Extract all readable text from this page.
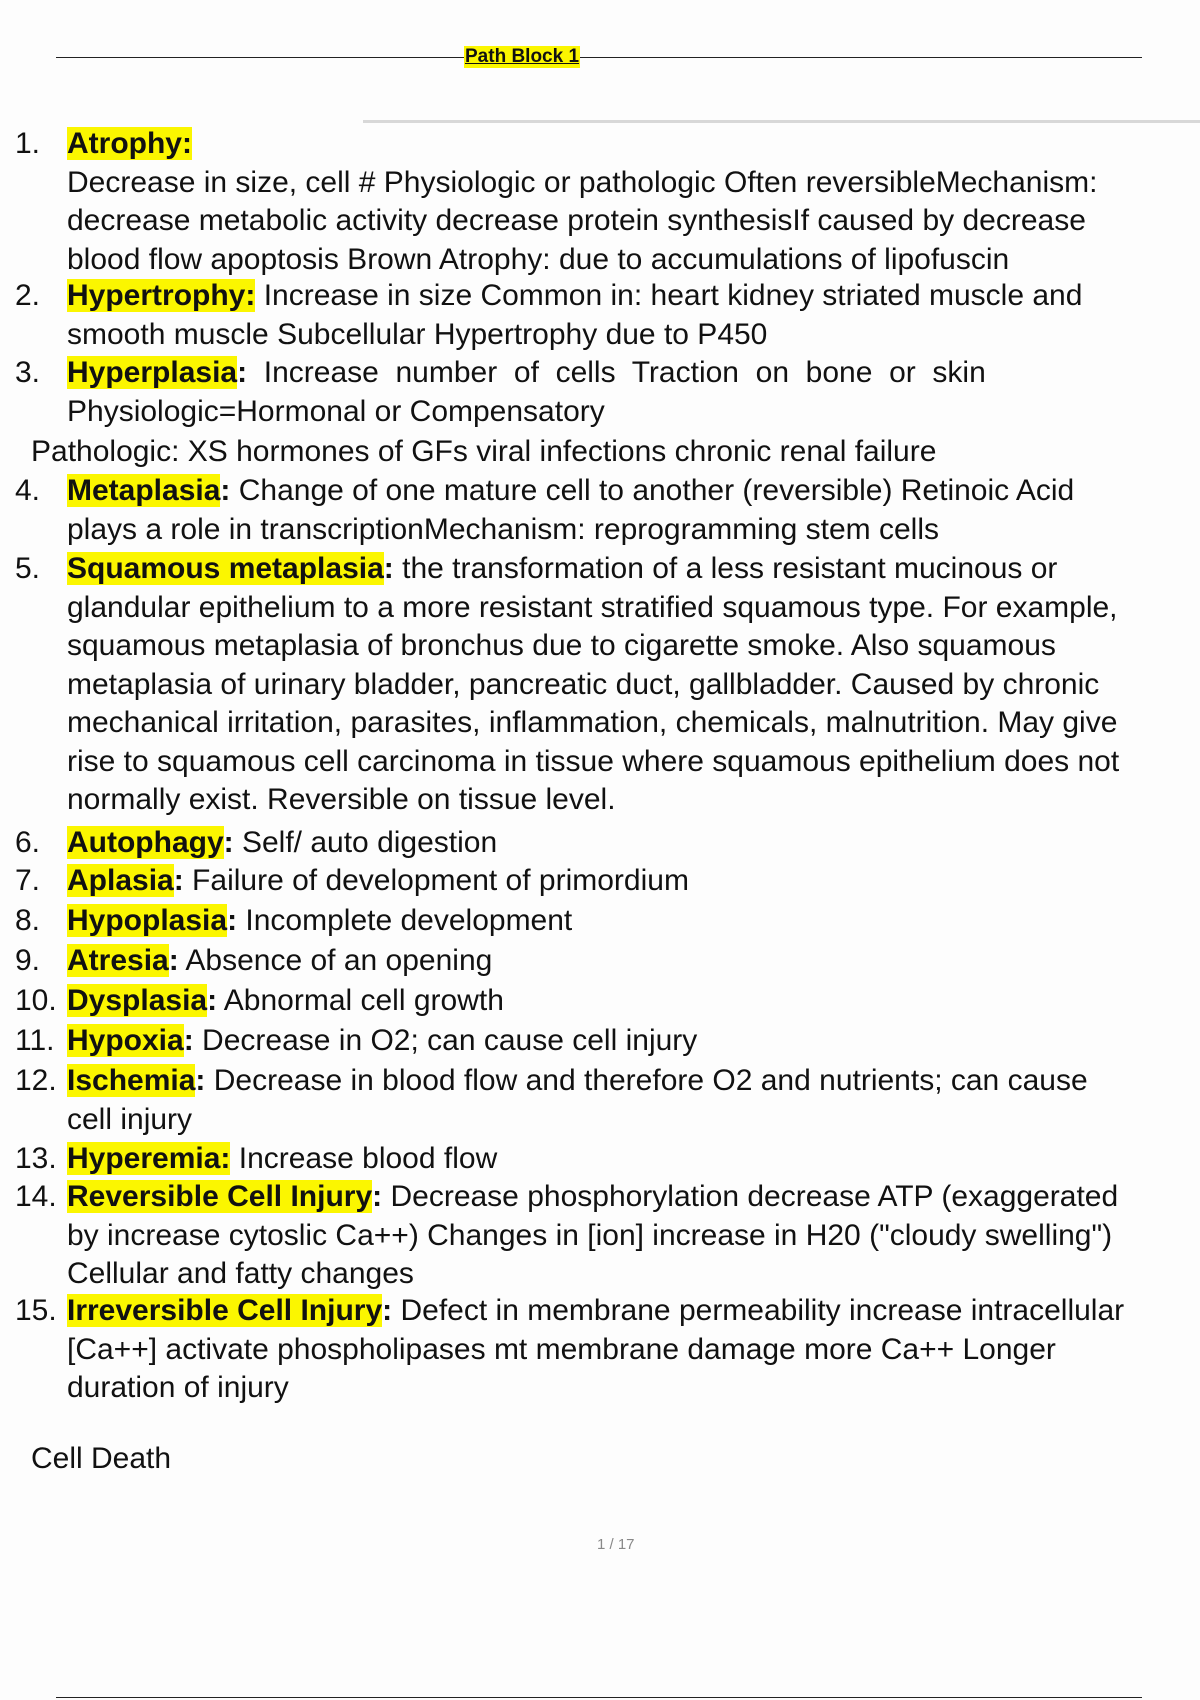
Path Block 1
1. Atrophy:
Decrease in size, cell # Physiologic or pathologic Often reversibleMechanism:
decrease metabolic activity decrease protein synthesisIf caused by decrease
blood flow apoptosis Brown Atrophy: due to accumulations of lipofuscin
2. Hypertrophy: Increase in size Common in: heart kidney striated muscle and
smooth muscle Subcellular Hypertrophy due to P450
3. Hyperplasia:  Increase  number  of  cells  Traction  on  bone  or  skin
Physiologic=Hormonal or Compensatory
4. Metaplasia: Change of one mature cell to another (reversible) Retinoic Acid
plays a role in transcriptionMechanism: reprogramming stem cells
5. Squamous metaplasia: the transformation of a less resistant mucinous or
glandular epithelium to a more resistant stratified squamous type. For example,
squamous metaplasia of bronchus due to cigarette smoke. Also squamous
metaplasia of urinary bladder, pancreatic duct, gallbladder. Caused by chronic
mechanical irritation, parasites, inflammation, chemicals, malnutrition. May give
rise to squamous cell carcinoma in tissue where squamous epithelium does not
normally exist. Reversible on tissue level.
6. Autophagy: Self/ auto digestion
7. Aplasia: Failure of development of primordium
8. Hypoplasia: Incomplete development
9. Atresia: Absence of an opening
10. Dysplasia: Abnormal cell growth
11. Hypoxia: Decrease in O2; can cause cell injury
12. Ischemia: Decrease in blood flow and therefore O2 and nutrients; can cause
cell injury
13. Hyperemia: Increase blood flow
14. Reversible Cell Injury: Decrease phosphorylation decrease ATP (exaggerated
by increase cytoslic Ca++) Changes in [ion] increase in H20 ("cloudy swelling")
Cellular and fatty changes
15. Irreversible Cell Injury: Defect in membrane permeability increase intracellular
[Ca++] activate phospholipases mt membrane damage more Ca++ Longer
duration of injury
Pathologic: XS hormones of GFs viral infections chronic renal failure
Cell Death
1 / 17
